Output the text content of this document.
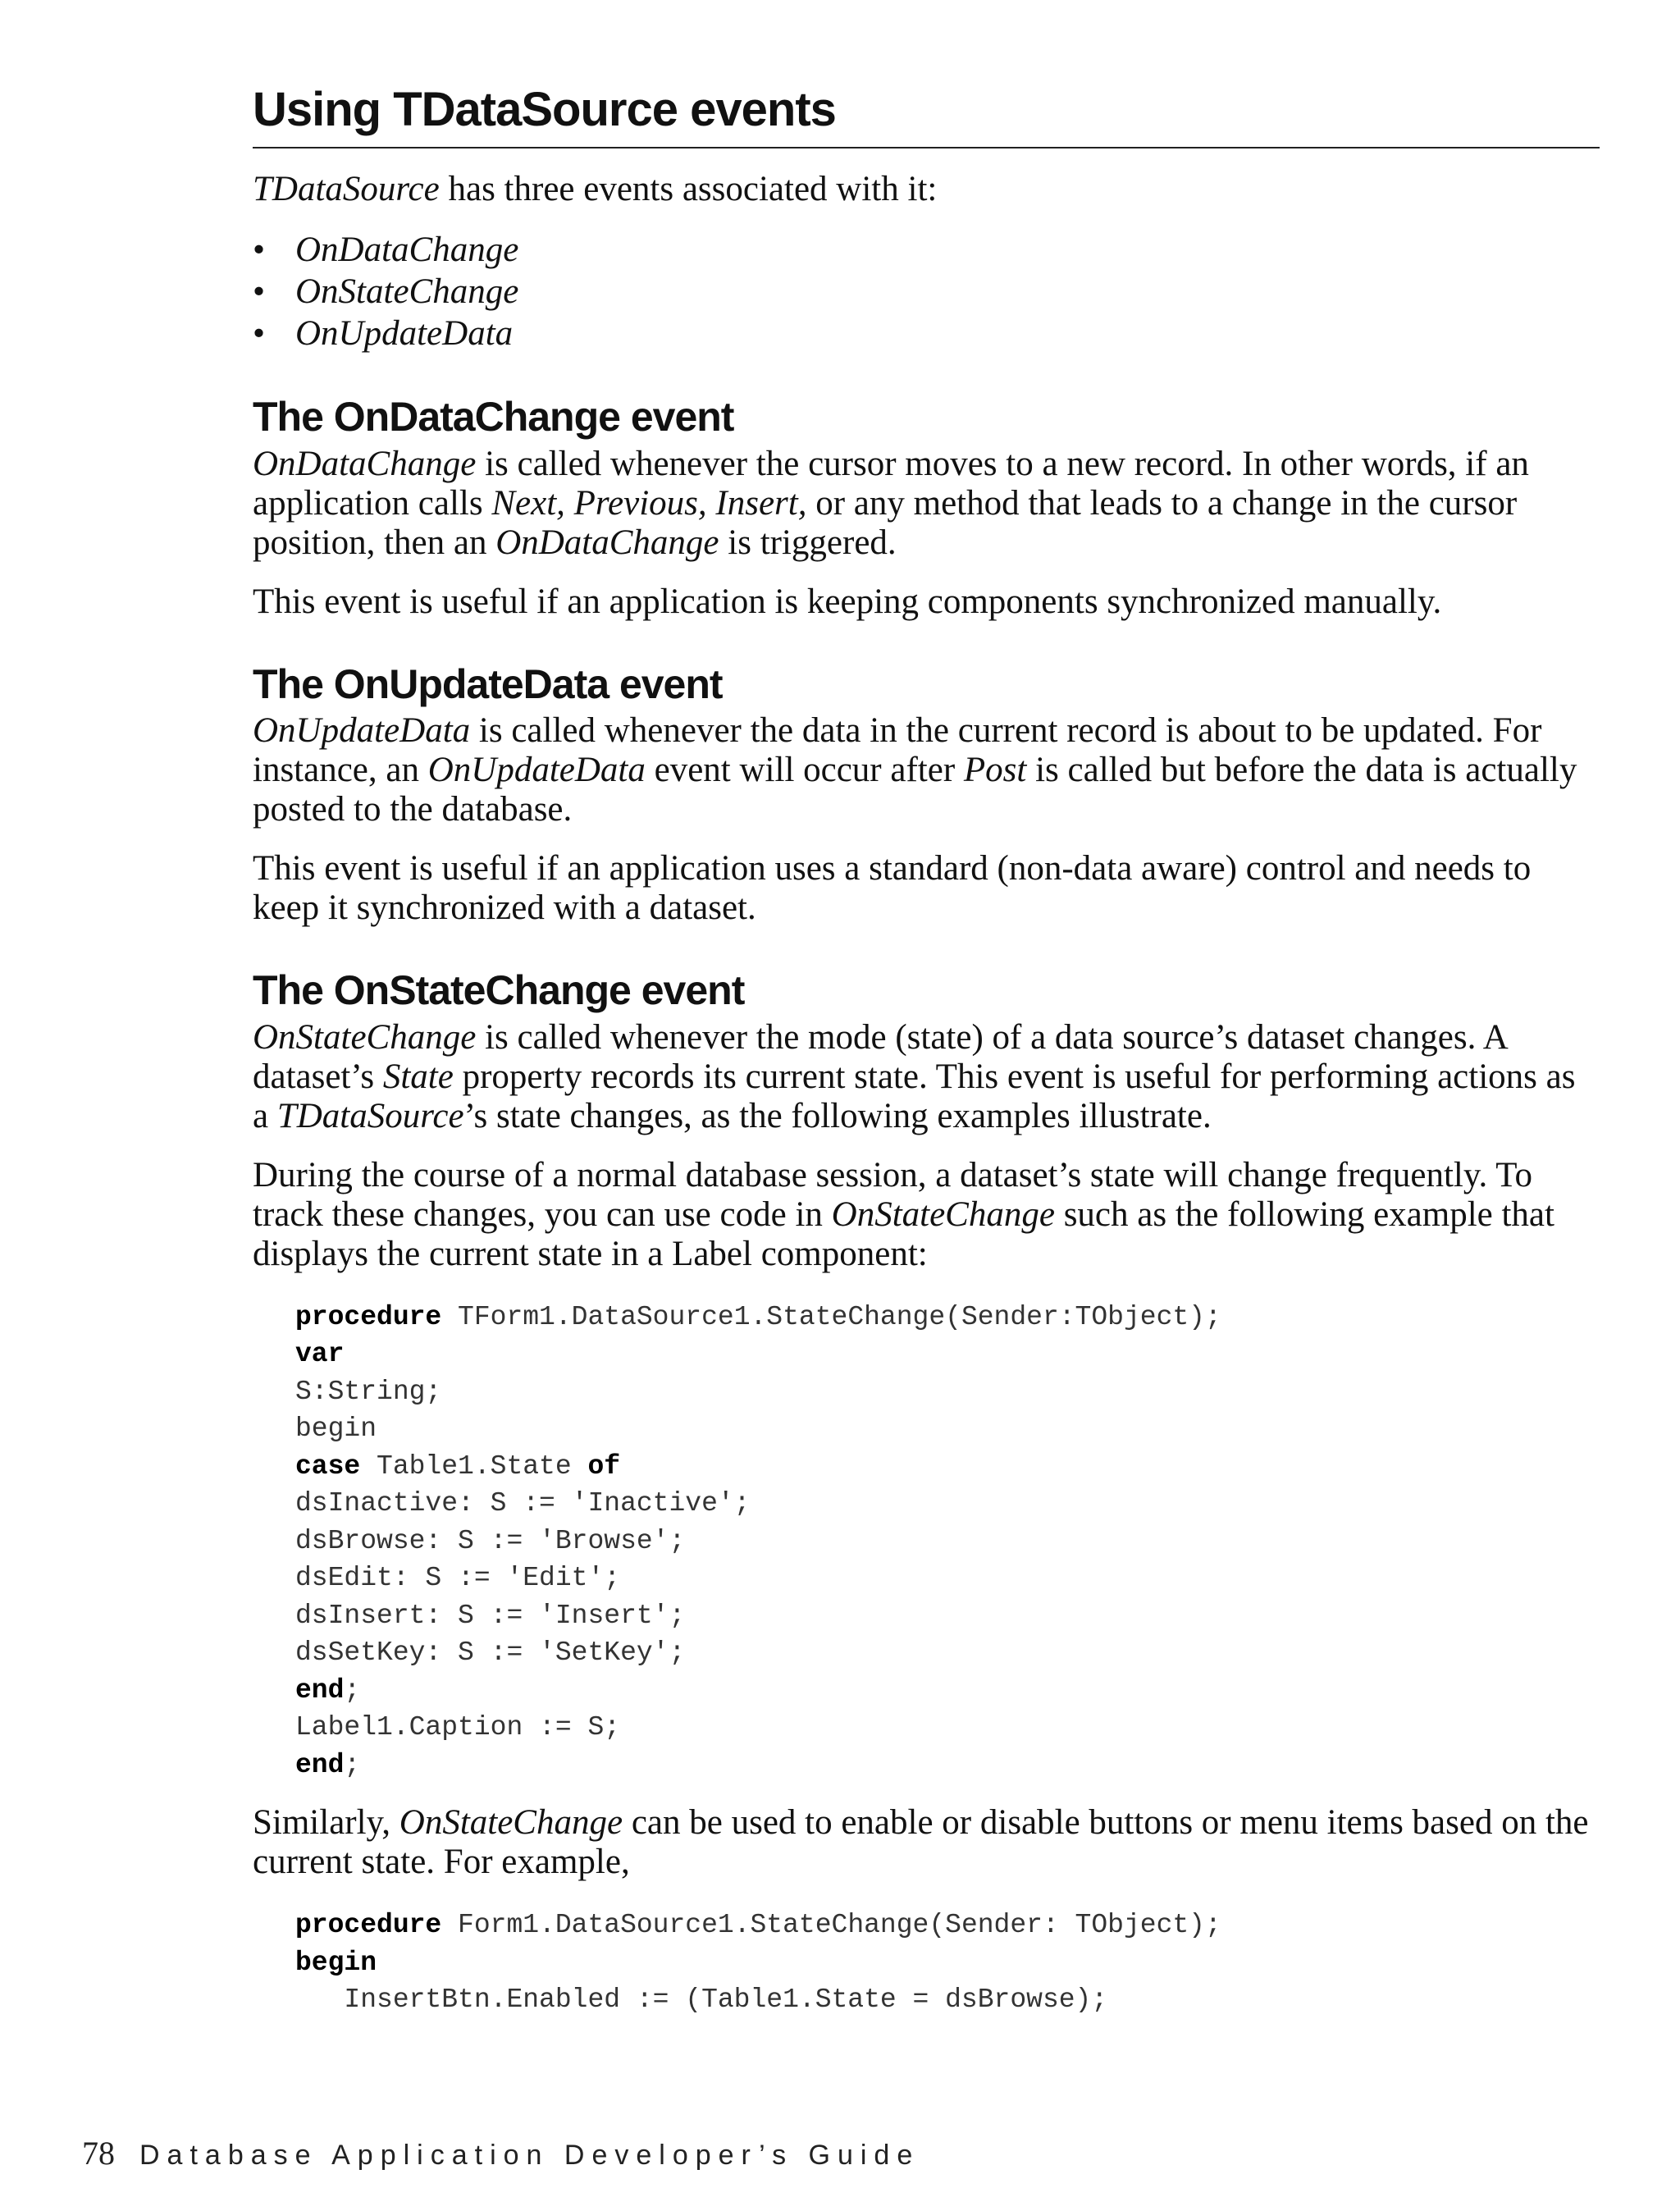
Using TDataSource events

TDataSource has three events associated with it:

• OnDataChange
• OnStateChange
• OnUpdateData
The OnDataChange event

OnDataChange is called whenever the cursor moves to a new record. In other words, if an application calls Next, Previous, Insert, or any method that leads to a change in the cursor position, then an OnDataChange is triggered.

This event is useful if an application is keeping components synchronized manually.

The OnUpdateData event

OnUpdateData is called whenever the data in the current record is about to be updated. For instance, an OnUpdateData event will occur after Post is called but before the data is actually posted to the database.

This event is useful if an application uses a standard (non-data aware) control and needs to keep it synchronized with a dataset.

The OnStateChange event

OnStateChange is called whenever the mode (state) of a data source’s dataset changes. A dataset’s State property records its current state. This event is useful for performing actions as a TDataSource’s state changes, as the following examples illustrate.

During the course of a normal database session, a dataset’s state will change frequently. To track these changes, you can use code in OnStateChange such as the following example that displays the current state in a Label component:

procedure TForm1.DataSource1.StateChange(Sender:TObject);
var
S:String;
begin
case Table1.State of
dsInactive: S := 'Inactive';
dsBrowse: S := 'Browse';
dsEdit: S := 'Edit';
dsInsert: S := 'Insert';
dsSetKey: S := 'SetKey';
end;
Label1.Caption := S;
end;

Similarly, OnStateChange can be used to enable or disable buttons or menu items based on the current state. For example,

procedure Form1.DataSource1.StateChange(Sender: TObject);
begin
InsertBtn.Enabled := (Table1.State = dsBrowse);
78 Database Application Developer’s Guide
